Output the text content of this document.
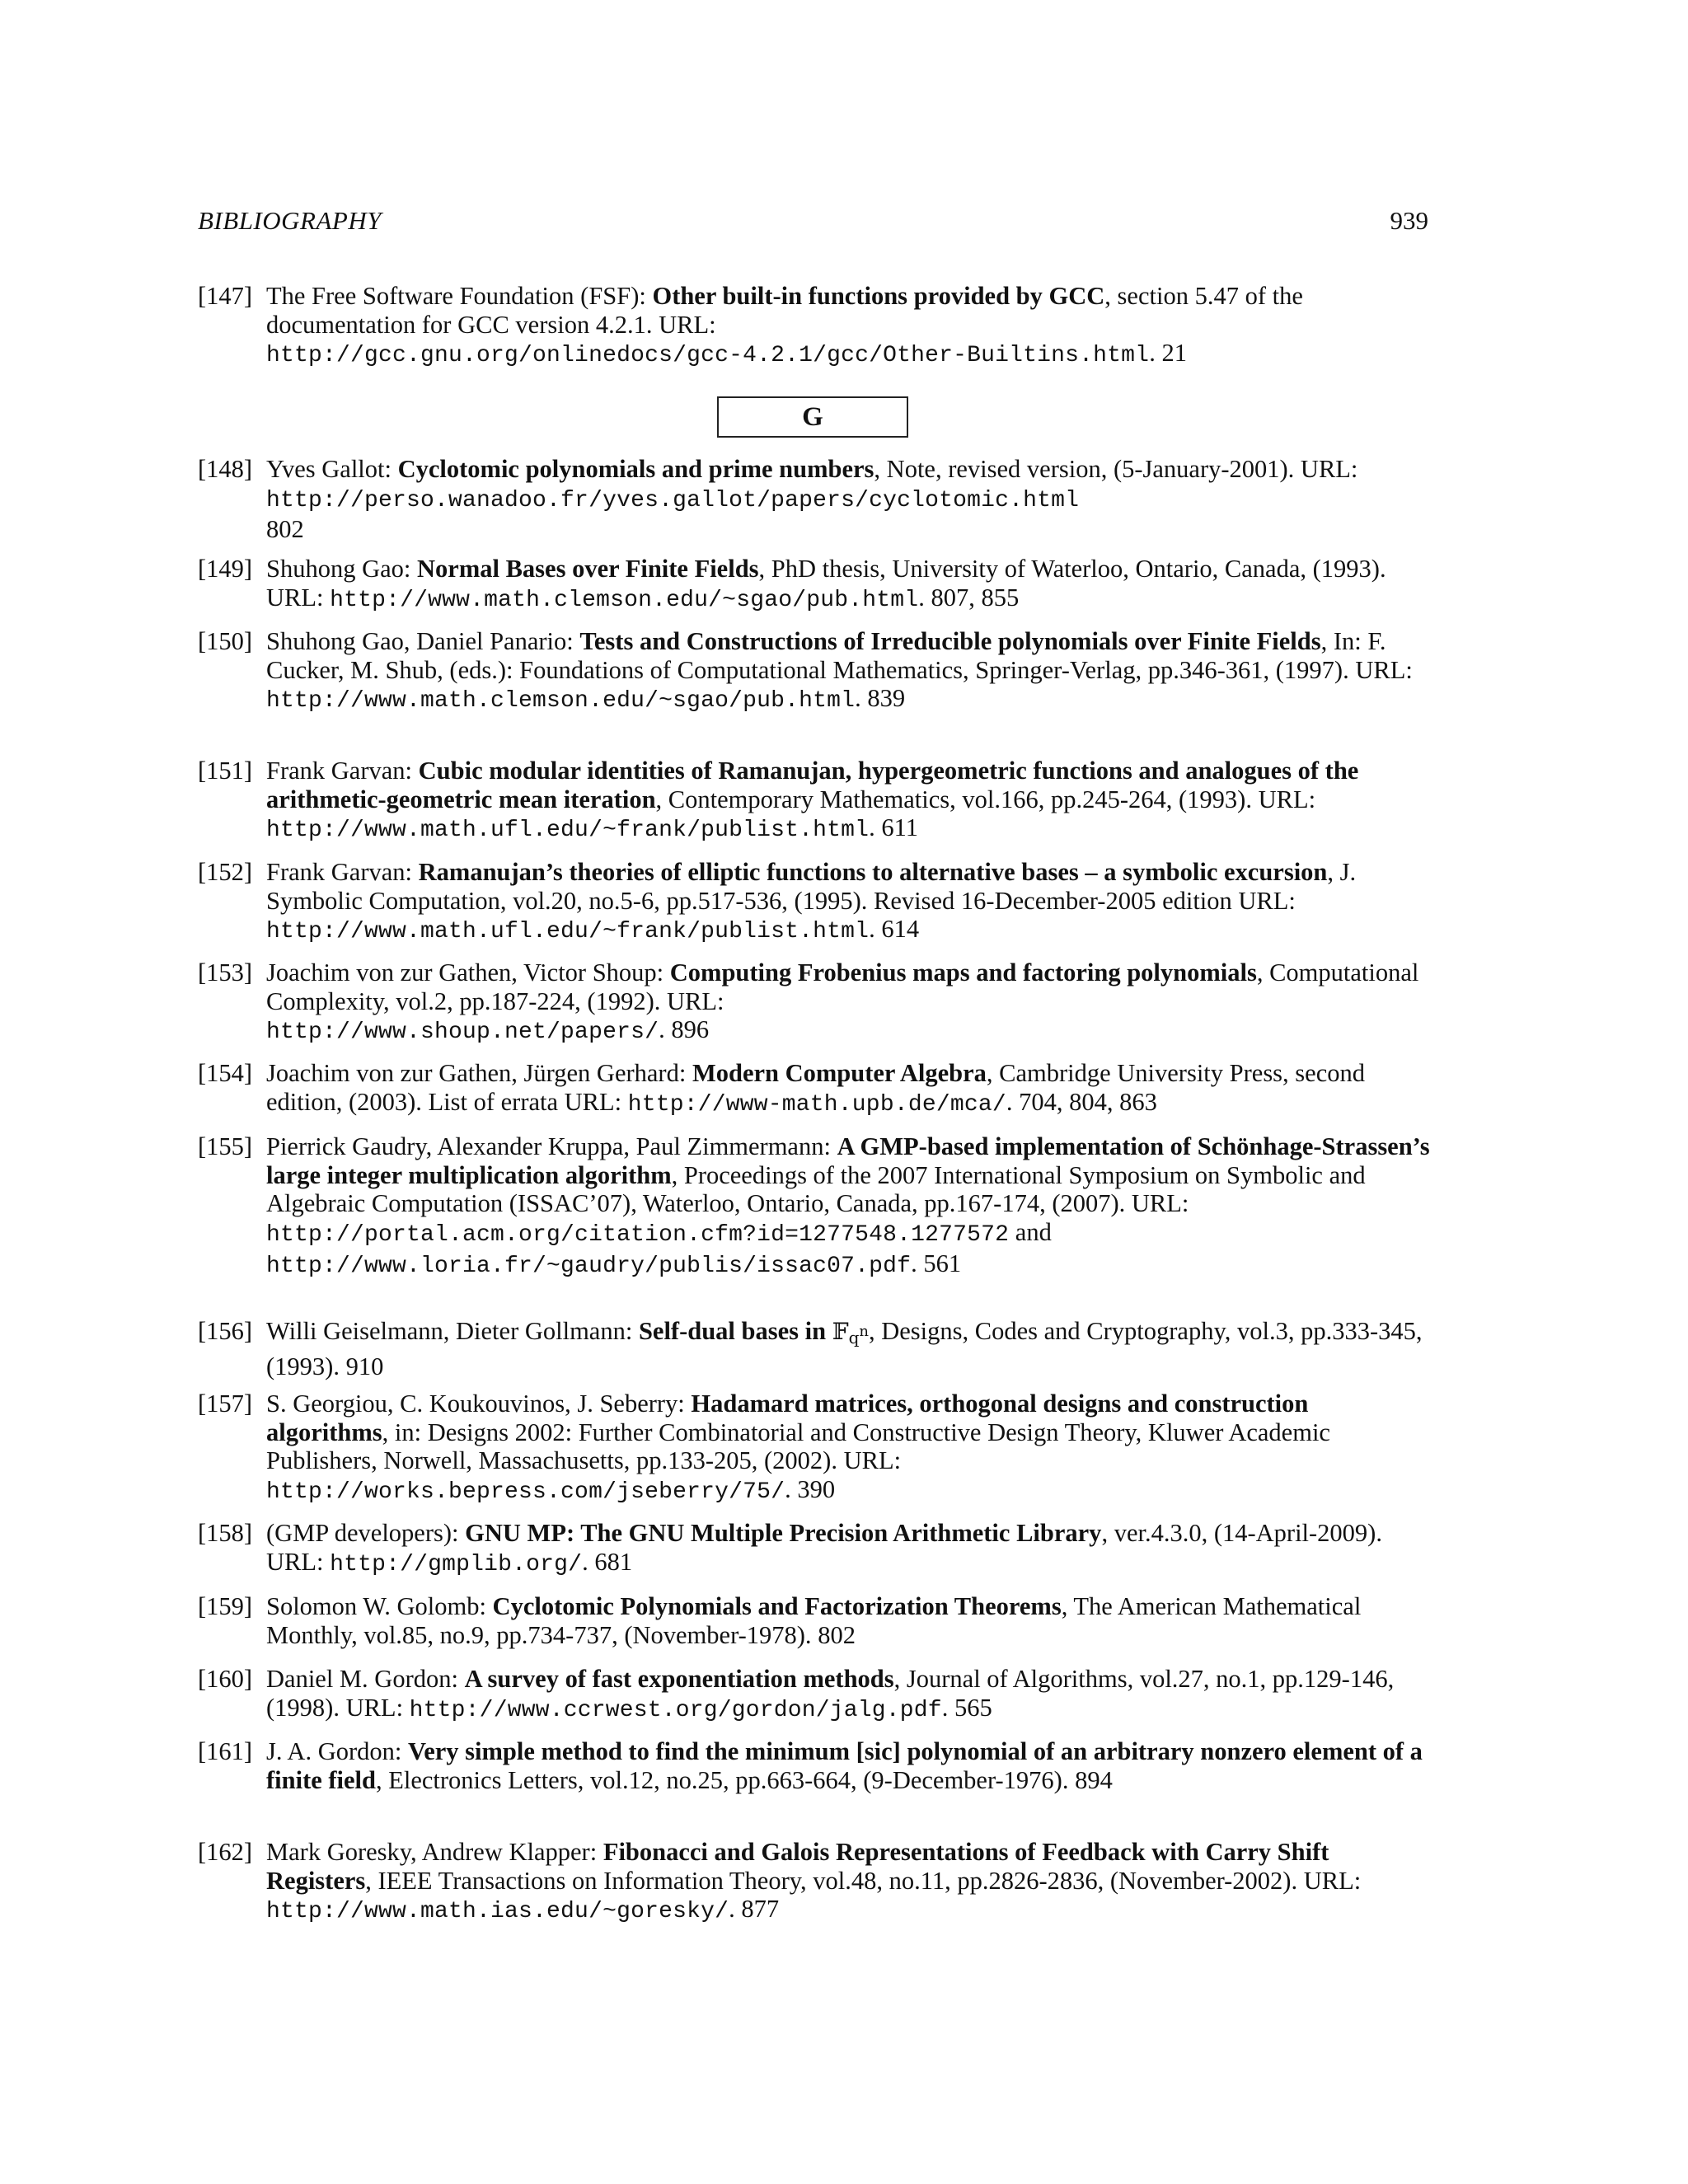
BIBLIOGRAPHY	939
[147] The Free Software Foundation (FSF): Other built-in functions provided by GCC, section 5.47 of the documentation for GCC version 4.2.1. URL:
http://gcc.gnu.org/onlinedocs/gcc-4.2.1/gcc/Other-Builtins.html. 21
G
[148] Yves Gallot: Cyclotomic polynomials and prime numbers, Note, revised version, (5-January-2001). URL: http://perso.wanadoo.fr/yves.gallot/papers/cyclotomic.html
802
[149] Shuhong Gao: Normal Bases over Finite Fields, PhD thesis, University of Waterloo, Ontario, Canada, (1993). URL: http://www.math.clemson.edu/~sgao/pub.html. 807, 855
[150] Shuhong Gao, Daniel Panario: Tests and Constructions of Irreducible polynomials over Finite Fields, In: F. Cucker, M. Shub, (eds.): Foundations of Computational Mathematics, Springer-Verlag, pp.346-361, (1997). URL: http://www.math.clemson.edu/~sgao/pub.html. 839
[151] Frank Garvan: Cubic modular identities of Ramanujan, hypergeometric functions and analogues of the arithmetic-geometric mean iteration, Contemporary Mathematics, vol.166, pp.245-264, (1993). URL: http://www.math.ufl.edu/~frank/publist.html. 611
[152] Frank Garvan: Ramanujan’s theories of elliptic functions to alternative bases – a symbolic excursion, J. Symbolic Computation, vol.20, no.5-6, pp.517-536, (1995). Revised 16-December-2005 edition URL: http://www.math.ufl.edu/~frank/publist.html. 614
[153] Joachim von zur Gathen, Victor Shoup: Computing Frobenius maps and factoring polynomials, Computational Complexity, vol.2, pp.187-224, (1992). URL:
http://www.shoup.net/papers/. 896
[154] Joachim von zur Gathen, Jürgen Gerhard: Modern Computer Algebra, Cambridge University Press, second edition, (2003). List of errata URL: http://www-math.upb.de/mca/. 704, 804, 863
[155] Pierrick Gaudry, Alexander Kruppa, Paul Zimmermann: A GMP-based implementation of Schönhage-Strassen’s large integer multiplication algorithm, Proceedings of the 2007 International Symposium on Symbolic and Algebraic Computation (ISSAC’07), Waterloo, Ontario, Canada, pp.167-174, (2007). URL:
http://portal.acm.org/citation.cfm?id=1277548.1277572 and
http://www.loria.fr/~gaudry/publis/issac07.pdf. 561
[156] Willi Geiselmann, Dieter Gollmann: Self-dual bases in 𝔽$_{q^n}$, Designs, Codes and Cryptography, vol.3, pp.333-345, (1993). 910
[157] S. Georgiou, C. Koukouvinos, J. Seberry: Hadamard matrices, orthogonal designs and construction algorithms, in: Designs 2002: Further Combinatorial and Constructive Design Theory, Kluwer Academic Publishers, Norwell, Massachusetts, pp.133-205, (2002). URL:
http://works.bepress.com/jseberry/75/. 390
[158] (GMP developers): GNU MP: The GNU Multiple Precision Arithmetic Library, ver.4.3.0, (14-April-2009). URL: http://gmplib.org/. 681
[159] Solomon W. Golomb: Cyclotomic Polynomials and Factorization Theorems, The American Mathematical Monthly, vol.85, no.9, pp.734-737, (November-1978). 802
[160] Daniel M. Gordon: A survey of fast exponentiation methods, Journal of Algorithms, vol.27, no.1, pp.129-146, (1998). URL: http://www.ccrwest.org/gordon/jalg.pdf. 565
[161] J. A. Gordon: Very simple method to find the minimum [sic] polynomial of an arbitrary nonzero element of a finite field, Electronics Letters, vol.12, no.25, pp.663-664, (9-December-1976). 894
[162] Mark Goresky, Andrew Klapper: Fibonacci and Galois Representations of Feedback with Carry Shift Registers, IEEE Transactions on Information Theory, vol.48, no.11, pp.2826-2836, (November-2002). URL: http://www.math.ias.edu/~goresky/. 877
